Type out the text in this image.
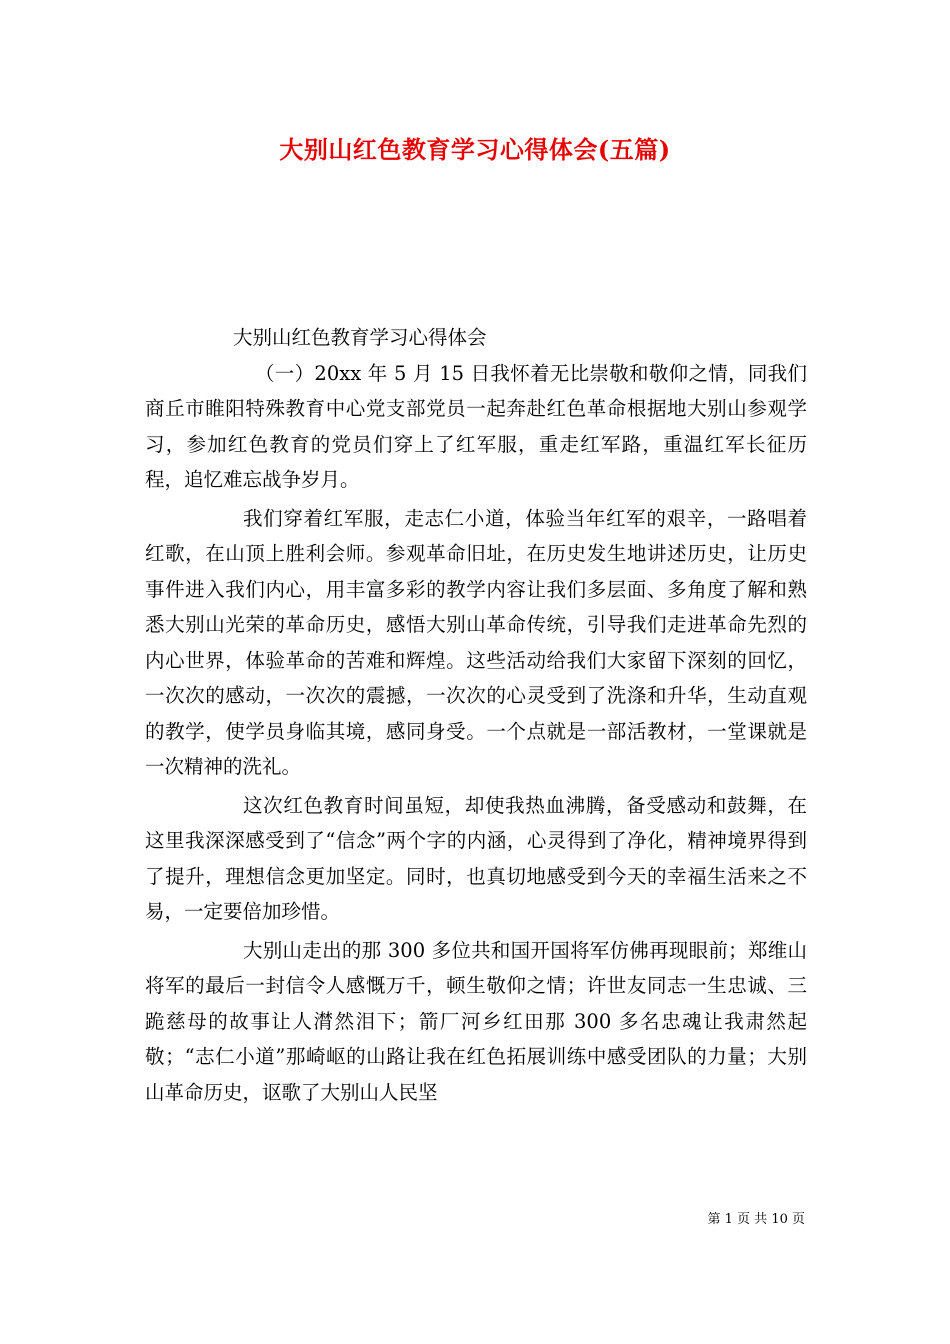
大别山红色教育学习心得体会(五篇)

大别山红色教育学习心得体会

（一）20xx 年 5 月 15 日我怀着无比崇敬和敬仰之情，同我们商丘市睢阳特殊教育中心党支部党员一起奔赴红色革命根据地大别山参观学习，参加红色教育的党员们穿上了红军服，重走红军路，重温红军长征历程，追忆难忘战争岁月。

我们穿着红军服，走志仁小道，体验当年红军的艰辛，一路唱着红歌，在山顶上胜利会师。参观革命旧址，在历史发生地讲述历史，让历史事件进入我们内心，用丰富多彩的教学内容让我们多层面、多角度了解和熟悉大别山光荣的革命历史，感悟大别山革命传统，引导我们走进革命先烈的内心世界，体验革命的苦难和辉煌。这些活动给我们大家留下深刻的回忆，一次次的感动，一次次的震撼，一次次的心灵受到了洗涤和升华，生动直观的教学，使学员身临其境，感同身受。一个点就是一部活教材，一堂课就是一次精神的洗礼。

这次红色教育时间虽短，却使我热血沸腾，备受感动和鼓舞，在这里我深深感受到了“信念”两个字的内涵，心灵得到了净化，精神境界得到了提升，理想信念更加坚定。同时，也真切地感受到今天的幸福生活来之不易，一定要倍加珍惜。

大别山走出的那 300 多位共和国开国将军仿佛再现眼前；郑维山将军的最后一封信令人感慨万千，顿生敬仰之情；许世友同志一生忠诚、三跪慈母的故事让人潸然泪下；箭厂河乡红田那 300 多名忠魂让我肃然起敬；“志仁小道”那崎岖的山路让我在红色拓展训练中感受团队的力量；大别山革命历史，讴歌了大别山人民坚

第 1 页 共 10 页
